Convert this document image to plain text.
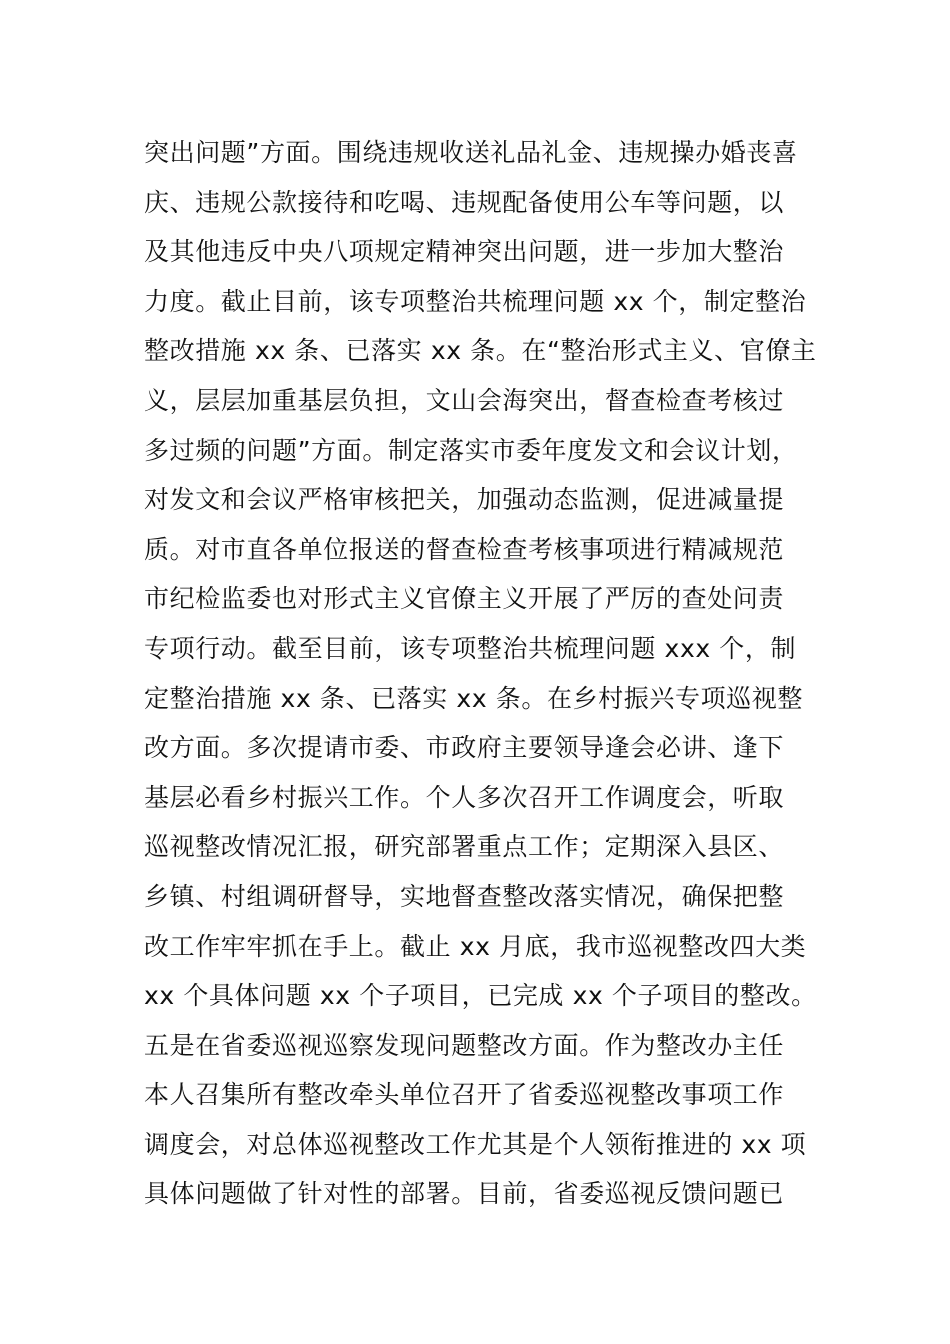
突出问题”方面。围绕违规收送礼品礼金、违规操办婚丧喜
庆、违规公款接待和吃喝、违规配备使用公车等问题，以
及其他违反中央八项规定精神突出问题，进一步加大整治
力度。截止目前，该专项整治共梳理问题 xx 个，制定整治
整改措施 xx 条、已落实 xx 条。在“整治形式主义、官僚主
义，层层加重基层负担，文山会海突出，督查检查考核过
多过频的问题”方面。制定落实市委年度发文和会议计划，
对发文和会议严格审核把关，加强动态监测，促进减量提
质。对市直各单位报送的督查检查考核事项进行精减规范
市纪检监委也对形式主义官僚主义开展了严厉的查处问责
专项行动。截至目前，该专项整治共梳理问题 xxx 个，制
定整治措施 xx 条、已落实 xx 条。在乡村振兴专项巡视整
改方面。多次提请市委、市政府主要领导逢会必讲、逢下
基层必看乡村振兴工作。个人多次召开工作调度会，听取
巡视整改情况汇报，研究部署重点工作；定期深入县区、
乡镇、村组调研督导，实地督查整改落实情况，确保把整
改工作牢牢抓在手上。截止 xx 月底，我市巡视整改四大类
xx 个具体问题 xx 个子项目，已完成 xx 个子项目的整改。
五是在省委巡视巡察发现问题整改方面。作为整改办主任
本人召集所有整改牵头单位召开了省委巡视整改事项工作
调度会，对总体巡视整改工作尤其是个人领衔推进的 xx 项
具体问题做了针对性的部署。目前，省委巡视反馈问题已
